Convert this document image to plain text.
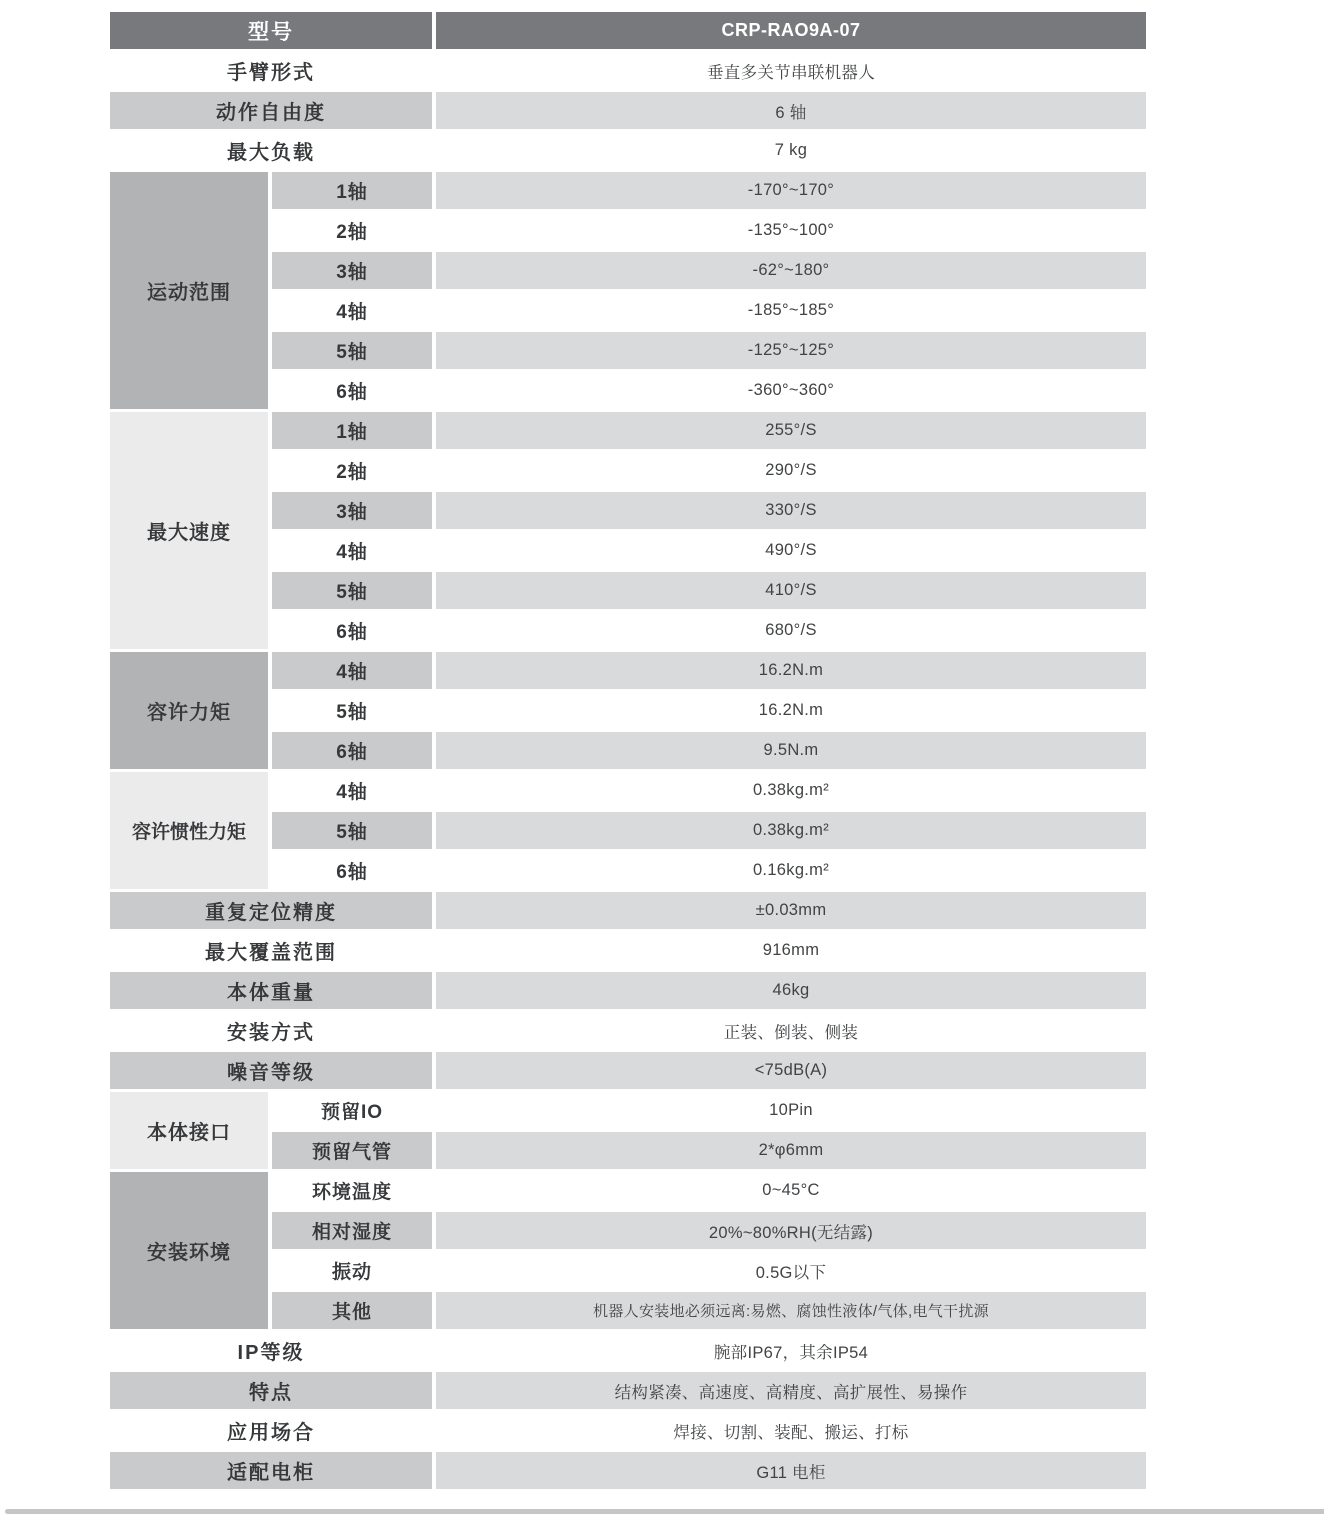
型号	CRP-RAO9A-07
手臂形式	垂直多关节串联机器人
动作自由度	6 轴
最大负载	7 kg
运动范围
1轴	-170°~170°
2轴	-135°~100°
3轴	-62°~180°
4轴	-185°~185°
5轴	-125°~125°
6轴	-360°~360°
最大速度
1轴	255°/S
2轴	290°/S
3轴	330°/S
4轴	490°/S
5轴	410°/S
6轴	680°/S
容许力矩
4轴	16.2N.m
5轴	16.2N.m
6轴	9.5N.m
容许惯性力矩
4轴	0.38kg.m²
5轴	0.38kg.m²
6轴	0.16kg.m²
重复定位精度	±0.03mm
最大覆盖范围	916mm
本体重量	46kg
安装方式	正装、倒装、侧装
噪音等级	<75dB(A)
本体接口
预留IO	10Pin
预留气管	2*φ6mm
安装环境
环境温度	0~45°C
相对湿度	20%~80%RH(无结露)
振动	0.5G以下
其他	机器人安装地必须远离:易燃、腐蚀性液体/气体,电气干扰源
IP等级	腕部IP67，其余IP54
特点	结构紧凑、高速度、高精度、高扩展性、易操作
应用场合	焊接、切割、装配、搬运、打标
适配电柜	G11 电柜
